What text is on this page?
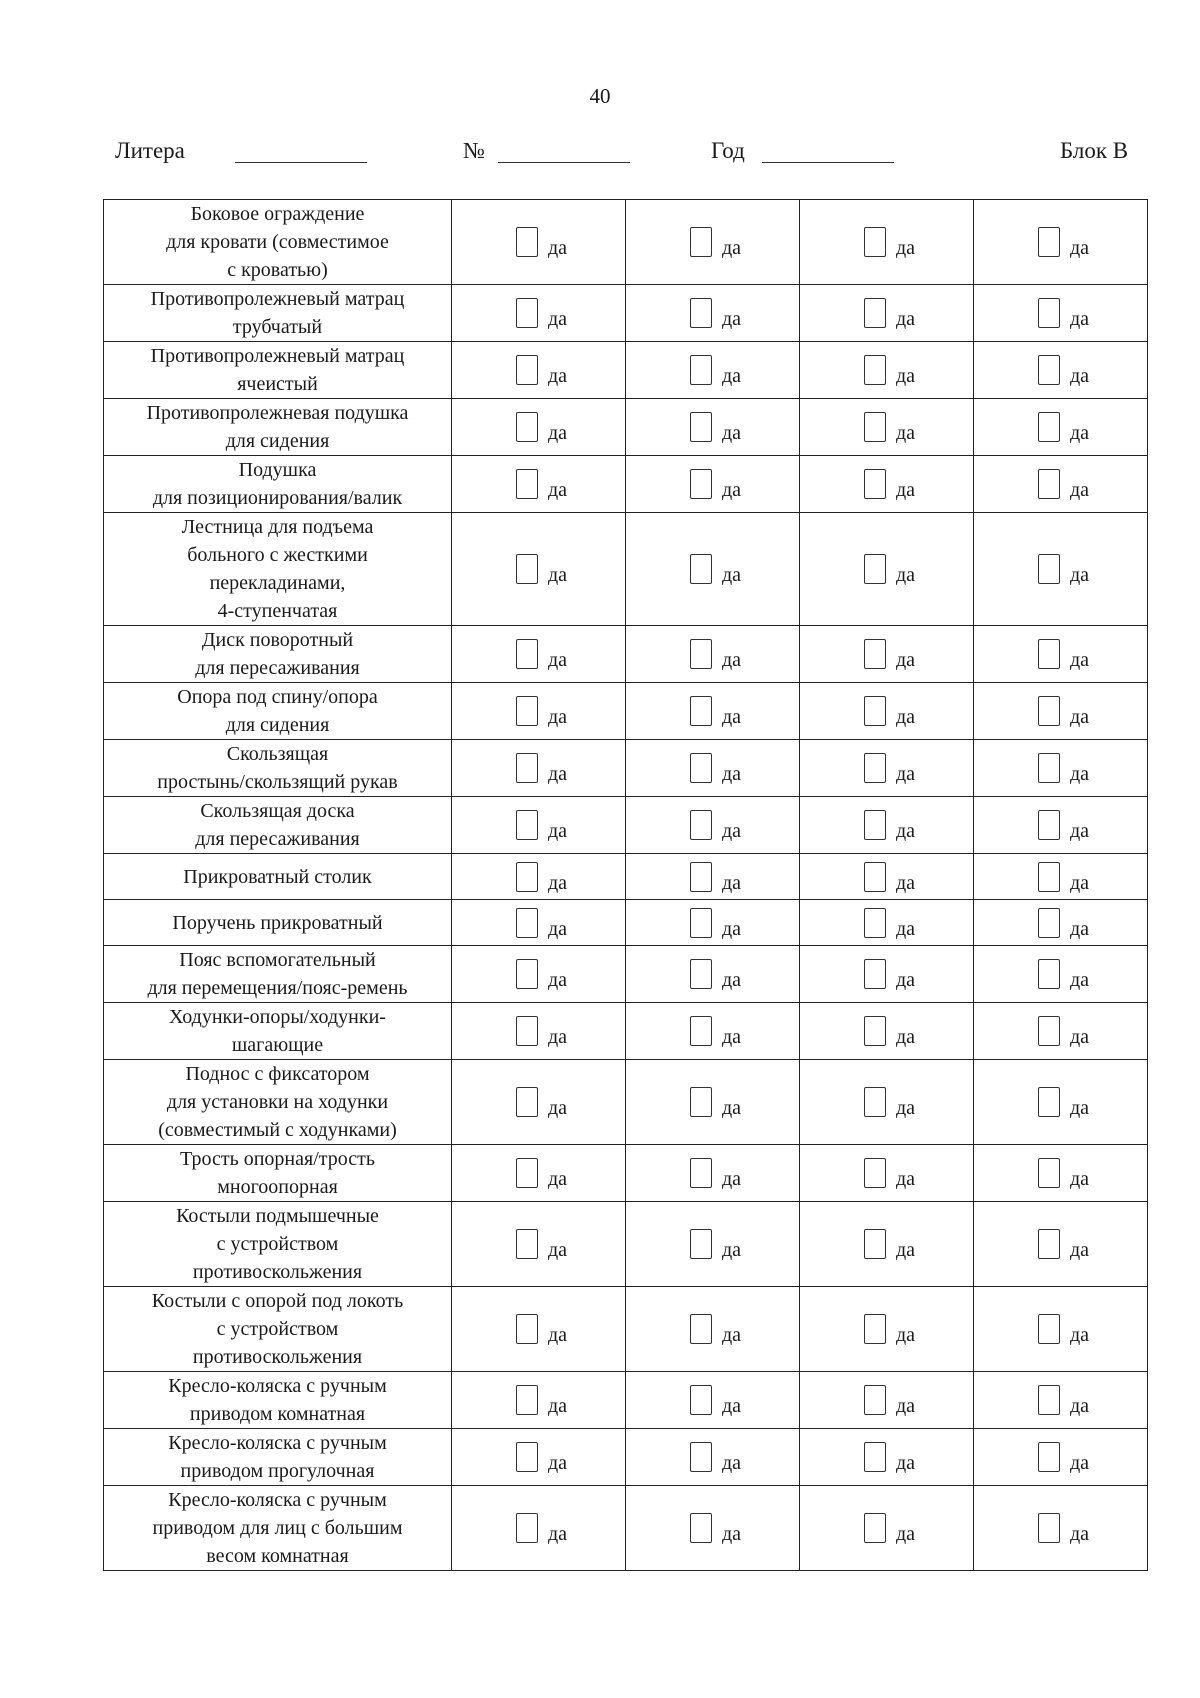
40
Литера	№	Год	Блок В
Боковое ограждение
для кровати (совместимое
с кроватью)	да	да	да	да

Противопролежневый матрац
трубчатый	да	да	да	да

Противопролежневый матрац
ячеистый	да	да	да	да

Противопролежневая подушка
для сидения	да	да	да	да

Подушка
для позиционирования/валик	да	да	да	да

Лестница для подъема
больного с жесткими
перекладинами,
4-ступенчатая	да	да	да	да

Диск поворотный
для пересаживания	да	да	да	да

Опора под спину/опора
для сидения	да	да	да	да

Скользящая
простынь/скользящий рукав	да	да	да	да

Скользящая доска
для пересаживания	да	да	да	да

Прикроватный столик	да	да	да	да

Поручень прикроватный	да	да	да	да

Пояс вспомогательный
для перемещения/пояс-ремень	да	да	да	да

Ходунки-опоры/ходунки-
шагающие	да	да	да	да

Поднос с фиксатором
для установки на ходунки
(совместимый с ходунками)	да	да	да	да

Трость опорная/трость
многоопорная	да	да	да	да

Костыли подмышечные
с устройством
противоскольжения	да	да	да	да

Костыли с опорой под локоть
с устройством
противоскольжения	да	да	да	да

Кресло-коляска с ручным
приводом комнатная	да	да	да	да

Кресло-коляска с ручным
приводом прогулочная	да	да	да	да

Кресло-коляска с ручным
приводом для лиц с большим
весом комнатная	да	да	да	да
